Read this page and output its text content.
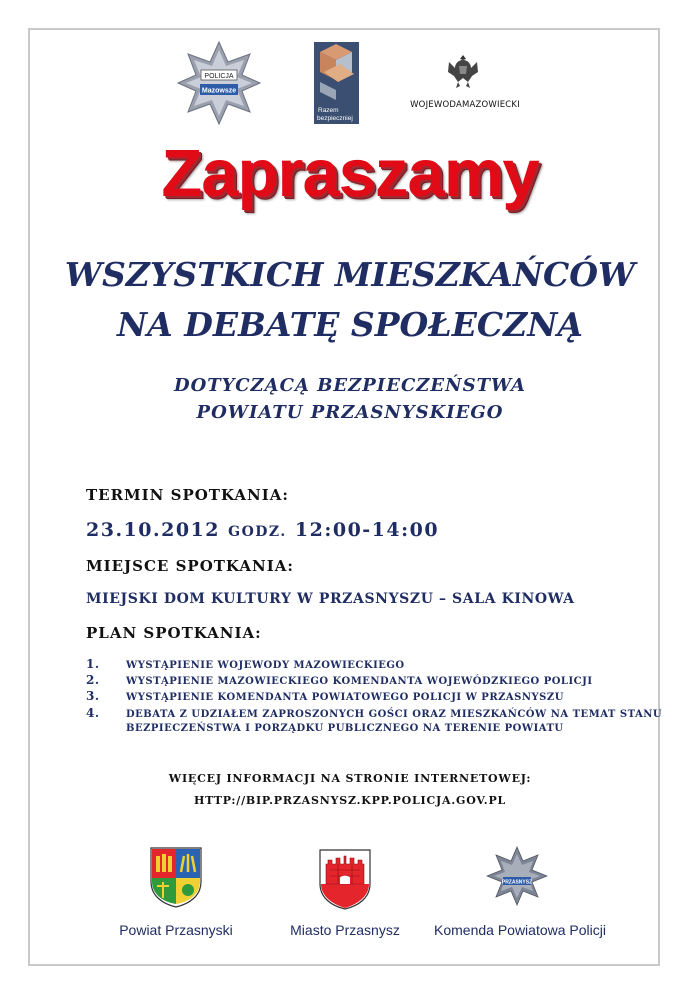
POLICJA
Mazowsze
Razem
bezpieczniej
WOJEWODAMAZOWIECKI
Zapraszamy
WSZYSTKICH MIESZKAŃCÓW
NA DEBATĘ SPOŁECZNĄ
DOTYCZĄCĄ BEZPIECZEŃSTWA
POWIATU PRZASNYSKIEGO
TERMIN SPOTKANIA:
23.10.2012 GODZ. 12:00-14:00
MIEJSCE SPOTKANIA:
MIEJSKI DOM KULTURY W PRZASNYSZU – SALA KINOWA
PLAN SPOTKANIA:
1.	WYSTĄPIENIE WOJEWODY MAZOWIECKIEGO
2.	WYSTĄPIENIE MAZOWIECKIEGO KOMENDANTA WOJEWÓDZKIEGO POLICJI
3.	WYSTĄPIENIE KOMENDANTA POWIATOWEGO POLICJI W PRZASNYSZU
4.	DEBATA Z UDZIAŁEM ZAPROSZONYCH GOŚCI ORAZ MIESZKAŃCÓW NA TEMAT STANU
BEZPIECZEŃSTWA I PORZĄDKU PUBLICZNEGO NA TERENIE POWIATU
WIĘCEJ INFORMACJI NA STRONIE INTERNETOWEJ:
HTTP://BIP.PRZASNYSZ.KPP.POLICJA.GOV.PL
PRZASNYSZ
Powiat Przasnyski	Miasto Przasnysz	Komenda Powiatowa Policji
